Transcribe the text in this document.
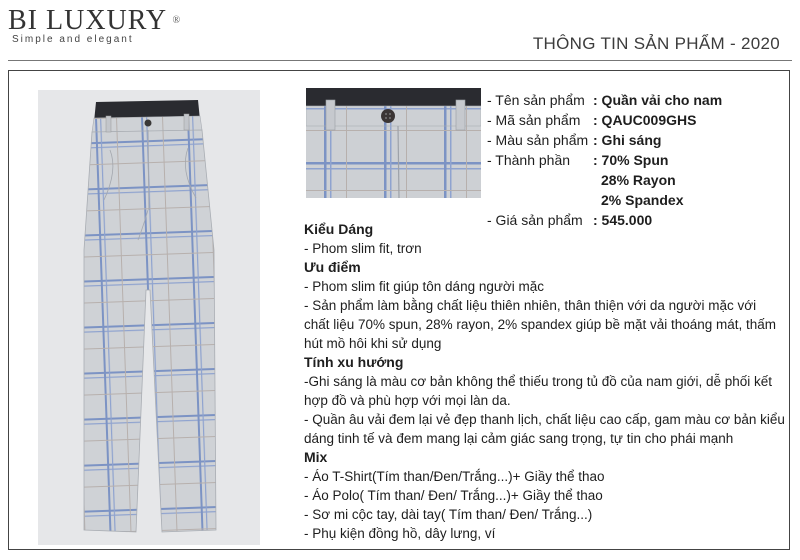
BI LUXURY ®
Simple and elegant	THÔNG TIN SẢN PHẨM - 2020
- Tên sản phẩm : Quần vải cho nam
- Mã sản phẩm : QAUC009GHS
- Màu sản phẩm : Ghi sáng
- Thành phần : 70% Spun
28% Rayon
2% Spandex
- Giá sản phẩm : 545.000
Kiểu Dáng
- Phom slim fit, trơn
Ưu điểm
- Phom slim fit giúp tôn dáng người mặc
- Sản phẩm làm bằng chất liệu thiên nhiên, thân thiện với da người mặc với
chất liệu 70% spun, 28% rayon, 2% spandex giúp bề mặt vải thoáng mát, thấm
hút mồ hôi khi sử dụng
Tính xu hướng
-Ghi sáng là màu cơ bản không thể thiếu trong tủ đồ của nam giới, dễ phối kết
hợp đồ và phù hợp với mọi làn da.
- Quần âu vải đem lại vẻ đẹp thanh lịch, chất liệu cao cấp, gam màu cơ bản kiểu
dáng tinh tế và đem mang lại cảm giác sang trọng, tự tin cho phái mạnh
Mix
- Áo T-Shirt(Tím than/Đen/Trắng...)+ Giầy thể thao
- Áo Polo( Tím than/ Đen/ Trắng...)+ Giầy thể thao
- Sơ mi cộc tay, dài tay( Tím than/ Đen/ Trắng...)
- Phụ kiện đồng hồ, dây lưng, ví
